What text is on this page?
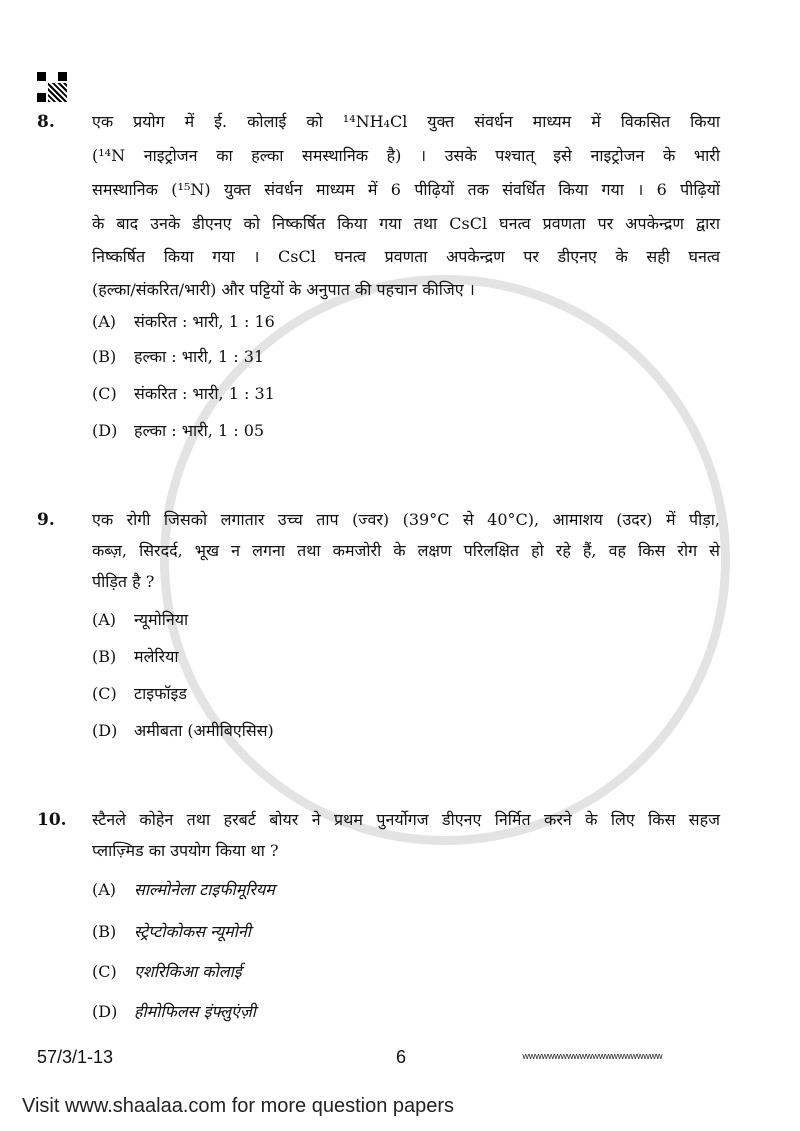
8. एक प्रयोग में ई. कोलाई को ¹⁴NH₄Cl युक्त संवर्धन माध्यम में विकसित किया
(¹⁴N नाइट्रोजन का हल्का समस्थानिक है) । उसके पश्चात् इसे नाइट्रोजन के भारी
समस्थानिक (¹⁵N) युक्त संवर्धन माध्यम में 6 पीढ़ियों तक संवर्धित किया गया । 6 पीढ़ियों
के बाद उनके डीएनए को निष्कर्षित किया गया तथा CsCl घनत्व प्रवणता पर अपकेन्द्रण द्वारा
निष्कर्षित किया गया । CsCl घनत्व प्रवणता अपकेन्द्रण पर डीएनए के सही घनत्व
(हल्का/संकरित/भारी) और पट्टियों के अनुपात की पहचान कीजिए ।
(A) संकरित : भारी, 1 : 16
(B) हल्का : भारी, 1 : 31
(C) संकरित : भारी, 1 : 31
(D) हल्का : भारी, 1 : 05
9. एक रोगी जिसको लगातार उच्च ताप (ज्वर) (39°C से 40°C), आमाशय (उदर) में पीड़ा,
कब्ज़, सिरदर्द, भूख न लगना तथा कमजोरी के लक्षण परिलक्षित हो रहे हैं, वह किस रोग से
पीड़ित है ?
(A) न्यूमोनिया
(B) मलेरिया
(C) टाइफॉइड
(D) अमीबता (अमीबिएसिस)
10. स्टैनले कोहेन तथा हरबर्ट बोयर ने प्रथम पुनर्योगज डीएनए निर्मित करने के लिए किस सहज
प्लाज़्मिड का उपयोग किया था ?
(A) साल्मोनेला टाइफीमूरियम
(B) स्ट्रेप्टोकोकस न्यूमोनी
(C) एशरिकिआ कोलाई
(D) हीमोफिलस इंफ्लुएंज़ी
57/3/1-13	6	wwwwwwwwwwwwwwwwwwwwww
Visit www.shaalaa.com for more question papers
